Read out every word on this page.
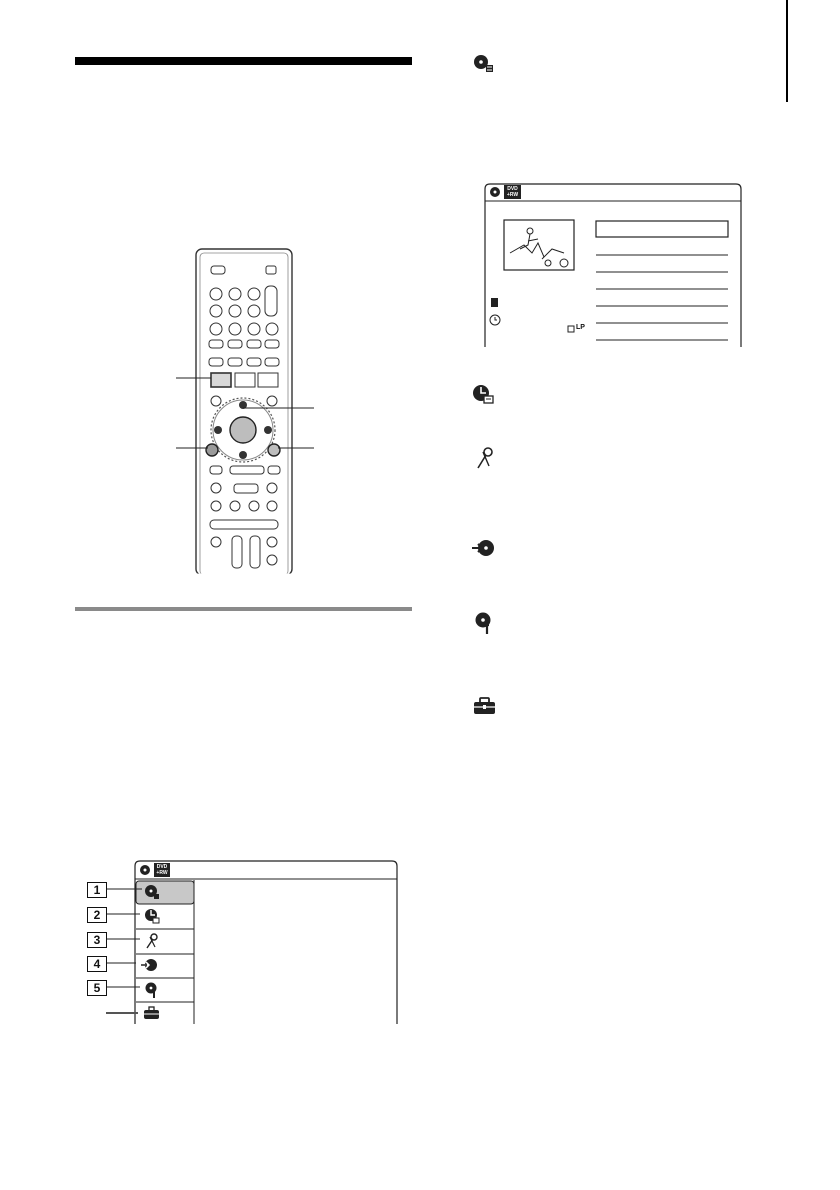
DVD
+RW
1
2
3
4
5
DVD
+RW
LP
